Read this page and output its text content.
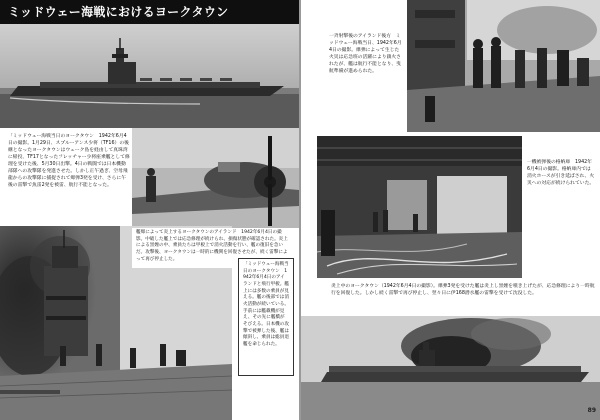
ミッドウェー海戦におけるヨークタウン
「ミッドウェー海戦当日のヨークタウン　1942年6月4日の撮影。1月29日、スプルーアンス少将（TF16）の後継となったヨークタウンはウェーク島を経由して真珠湾に帰投、TF17となったフレッチャー少将座乗艦として修理を受けた後、5月30日出撃。4日の戦闘では日本機動部隊への攻撃隊を発進させた。しかし正午過ぎ、空母飛龍からの攻撃隊に捕捉されて爆弾3発を受け、さらに午後の雷撃で魚雷2発を被雷、航行不能となった。
艦爆によって炎上するヨークタウンのアイランド　1942年6月4日の撮影。中破した艦上では応急修理が続けられ、損傷状態が確認された。炎上による黒煙の中、乗員たちは甲板上で消火活動を行い、艦の復旧を急いだ。攻撃後、ヨークタウンは一時的に機関を回復させたが、続く雷撃によって再び停止した。
「ミッドウェー海戦当日のヨークタウン　1942年6月4日のアイランドと飛行甲板。艦上には多数の乗員が見える。艦の後部では消火活動が続いている。手前には艦載機が見え、その先に艦橋がそびえる。日本機の攻撃で被弾した後、艦は傾斜し、乗員は総員退艦を命じられた。
一斉射撃後のアイランド後方　ミッドウェー海戦当日、1942年6月4日の撮影。爆弾によって生じた火災は応急班の活躍により鎮火されたが、艦は航行不能となり、曳航準備が進められた。
一機被弾後の格納庫　1942年6月4日の撮影。格納庫内では消火ホースが引き延ばされ、火災への対応が続けられていた。
炎上中のヨークタウン（1942年6月4日の撮影）。爆弾3発を受けた艦は炎上し黒煙を噴き上げたが、応急修理により一時航行を回復した。しかし続く雷撃で再び停止し、翌々日に伊168潜水艦の雷撃を受けて沈没した。
89
